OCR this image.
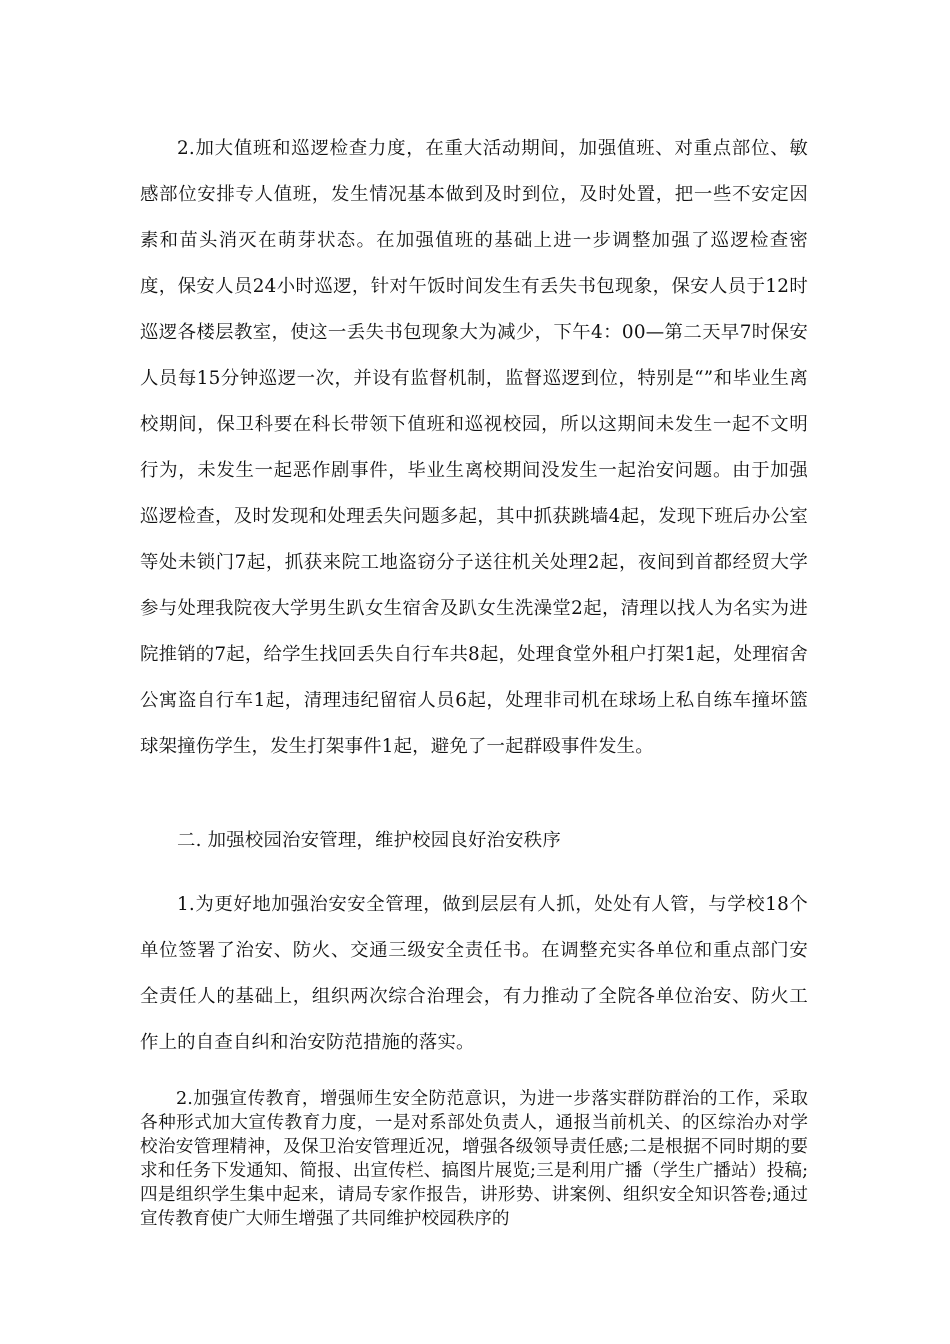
2.加大值班和巡逻检查力度，在重大活动期间，加强值班、对重点部位、敏感部位安排专人值班，发生情况基本做到及时到位，及时处置，把一些不安定因素和苗头消灭在萌芽状态。在加强值班的基础上进一步调整加强了巡逻检查密度，保安人员24小时巡逻，针对午饭时间发生有丢失书包现象，保安人员于12时巡逻各楼层教室，使这一丢失书包现象大为减少，下午4：00—第二天早7时保安人员每15分钟巡逻一次，并设有监督机制，监督巡逻到位，特别是“”和毕业生离校期间，保卫科要在科长带领下值班和巡视校园，所以这期间未发生一起不文明行为，未发生一起恶作剧事件，毕业生离校期间没发生一起治安问题。由于加强巡逻检查，及时发现和处理丢失问题多起，其中抓获跳墙4起，发现下班后办公室等处未锁门7起，抓获来院工地盗窃分子送往机关处理2起，夜间到首都经贸大学参与处理我院夜大学男生趴女生宿舍及趴女生洗澡堂2起，清理以找人为名实为进院推销的7起，给学生找回丢失自行车共8起，处理食堂外租户打架1起，处理宿舍公寓盗自行车1起，清理违纪留宿人员6起，处理非司机在球场上私自练车撞坏篮球架撞伤学生，发生打架事件1起，避免了一起群殴事件发生。

二. 加强校园治安管理，维护校园良好治安秩序

1.为更好地加强治安安全管理，做到层层有人抓，处处有人管，与学校18个单位签署了治安、防火、交通三级安全责任书。在调整充实各单位和重点部门安全责任人的基础上，组织两次综合治理会，有力推动了全院各单位治安、防火工作上的自查自纠和治安防范措施的落实。

2.加强宣传教育，增强师生安全防范意识，为进一步落实群防群治的工作，采取各种形式加大宣传教育力度，一是对系部处负责人，通报当前机关、的区综治办对学校治安管理精神，及保卫治安管理近况，增强各级领导责任感;二是根据不同时期的要求和任务下发通知、简报、出宣传栏、搞图片展览;三是利用广播（学生广播站）投稿;四是组织学生集中起来，请局专家作报告，讲形势、讲案例、组织安全知识答卷;通过宣传教育使广大师生增强了共同维护校园秩序的
